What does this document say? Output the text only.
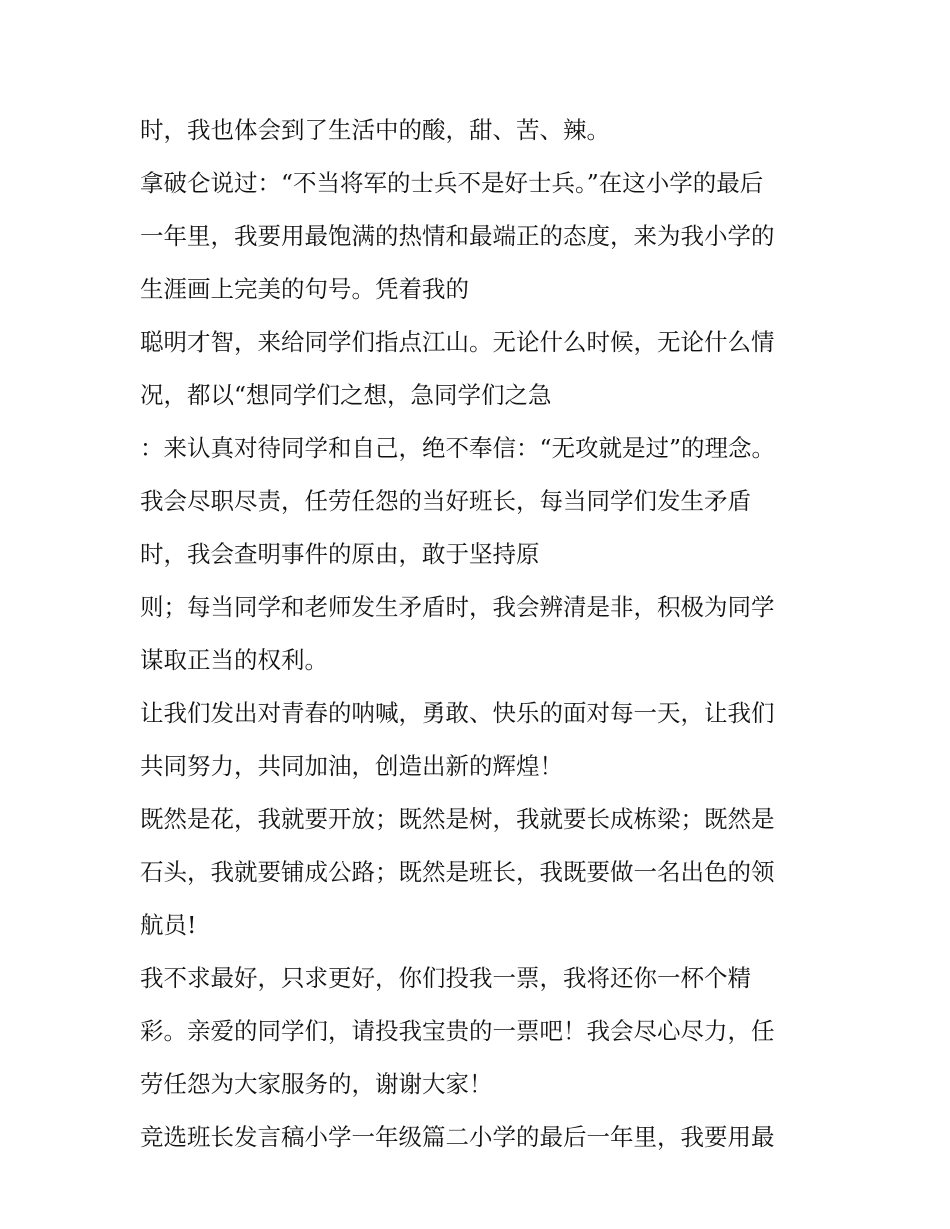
时，我也体会到了生活中的酸，甜、苦、辣。
拿破仑说过：“不当将军的士兵不是好士兵。”在这小学的最后
一年里，我要用最饱满的热情和最端正的态度，来为我小学的
生涯画上完美的句号。凭着我的
聪明才智，来给同学们指点江山。无论什么时候，无论什么情
况，都以“想同学们之想，急同学们之急
：来认真对待同学和自己，绝不奉信：“无攻就是过”的理念。
我会尽职尽责，任劳任怨的当好班长，每当同学们发生矛盾
时，我会查明事件的原由，敢于坚持原
则；每当同学和老师发生矛盾时，我会辨清是非，积极为同学
谋取正当的权利。
让我们发出对青春的呐喊，勇敢、快乐的面对每一天，让我们
共同努力，共同加油，创造出新的辉煌！
既然是花，我就要开放；既然是树，我就要长成栋梁；既然是
石头，我就要铺成公路；既然是班长，我既要做一名出色的领
航员!
我不求最好，只求更好，你们投我一票，我将还你一杯个精
彩。亲爱的同学们，请投我宝贵的一票吧！我会尽心尽力，任
劳任怨为大家服务的，谢谢大家！
竞选班长发言稿小学一年级篇二小学的最后一年里，我要用最
